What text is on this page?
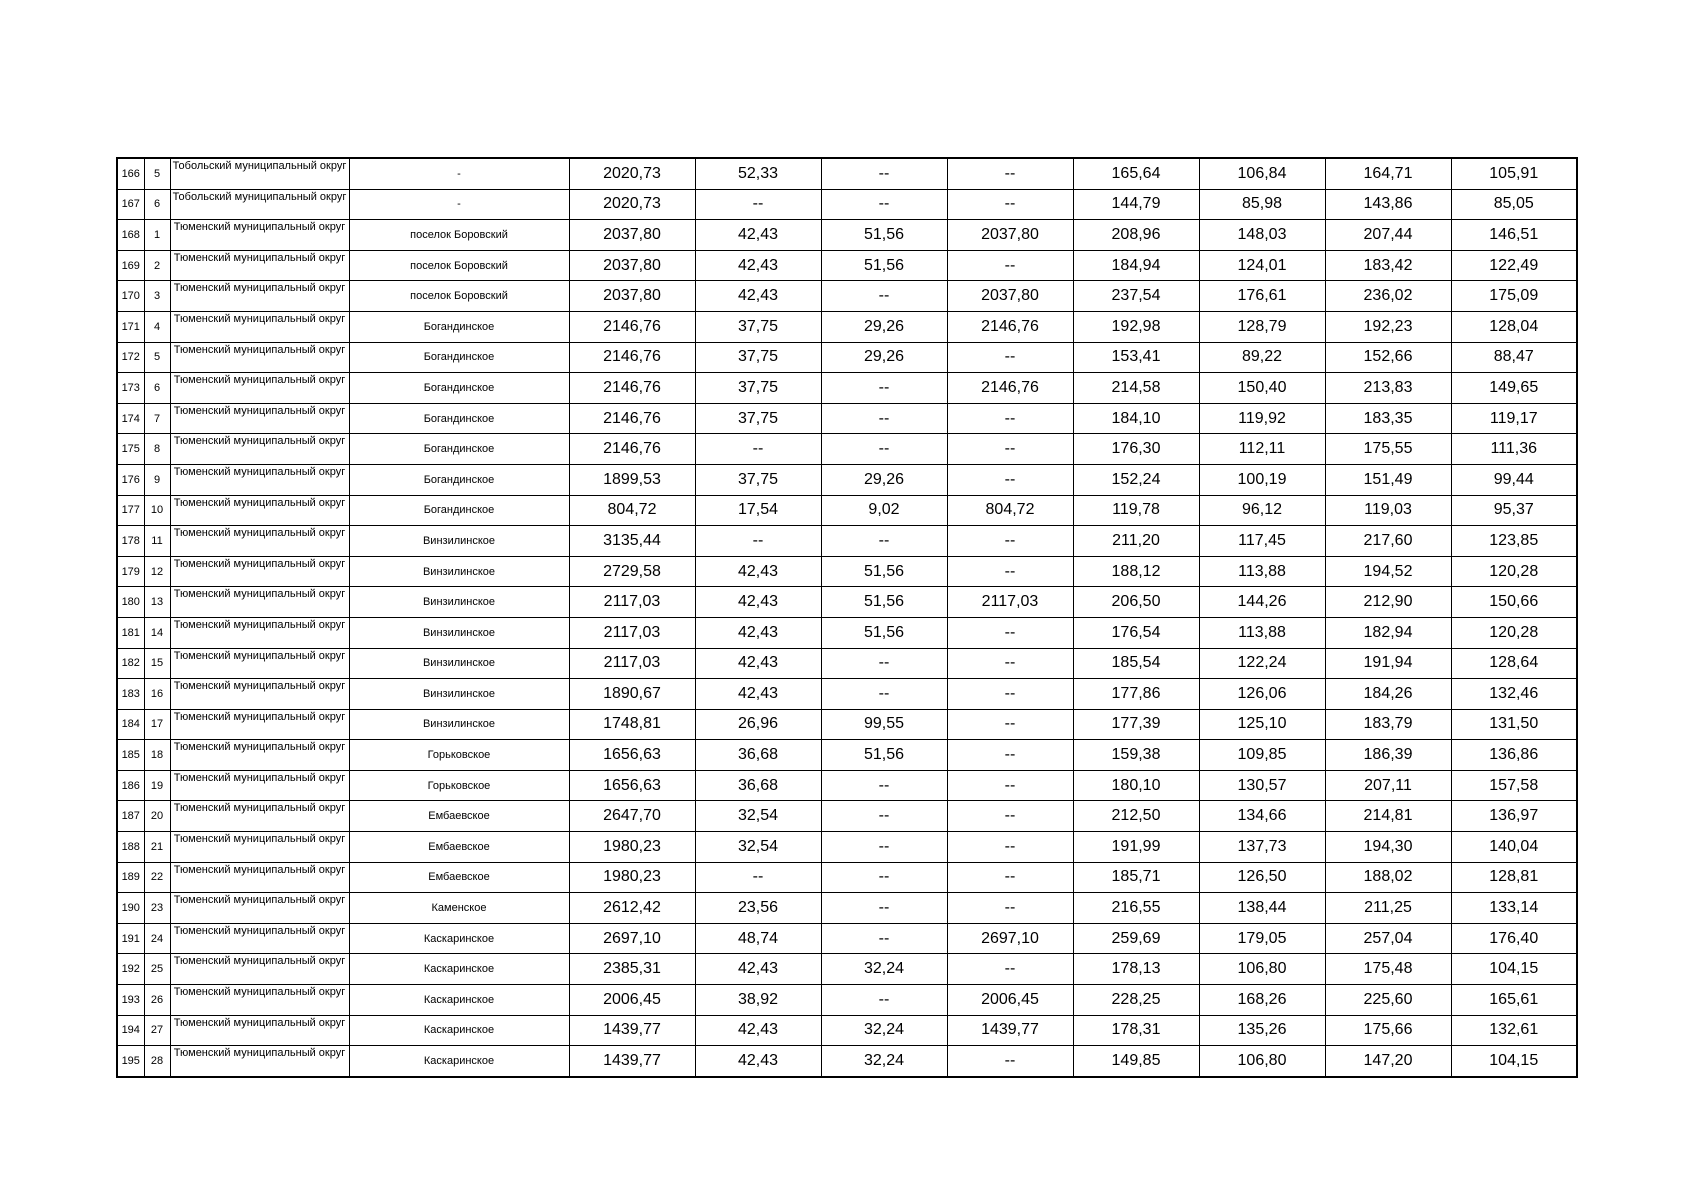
166	5	Тобольский муниципальный округ	-	2020,73	52,33	--	--	165,64	106,84	164,71	105,91
167	6	Тобольский муниципальный округ	-	2020,73	--	--	--	144,79	85,98	143,86	85,05
168	1	Тюменский муниципальный округ	поселок Боровский	2037,80	42,43	51,56	2037,80	208,96	148,03	207,44	146,51
169	2	Тюменский муниципальный округ	поселок Боровский	2037,80	42,43	51,56	--	184,94	124,01	183,42	122,49
170	3	Тюменский муниципальный округ	поселок Боровский	2037,80	42,43	--	2037,80	237,54	176,61	236,02	175,09
171	4	Тюменский муниципальный округ	Богандинское	2146,76	37,75	29,26	2146,76	192,98	128,79	192,23	128,04
172	5	Тюменский муниципальный округ	Богандинское	2146,76	37,75	29,26	--	153,41	89,22	152,66	88,47
173	6	Тюменский муниципальный округ	Богандинское	2146,76	37,75	--	2146,76	214,58	150,40	213,83	149,65
174	7	Тюменский муниципальный округ	Богандинское	2146,76	37,75	--	--	184,10	119,92	183,35	119,17
175	8	Тюменский муниципальный округ	Богандинское	2146,76	--	--	--	176,30	112,11	175,55	111,36
176	9	Тюменский муниципальный округ	Богандинское	1899,53	37,75	29,26	--	152,24	100,19	151,49	99,44
177	10	Тюменский муниципальный округ	Богандинское	804,72	17,54	9,02	804,72	119,78	96,12	119,03	95,37
178	11	Тюменский муниципальный округ	Винзилинское	3135,44	--	--	--	211,20	117,45	217,60	123,85
179	12	Тюменский муниципальный округ	Винзилинское	2729,58	42,43	51,56	--	188,12	113,88	194,52	120,28
180	13	Тюменский муниципальный округ	Винзилинское	2117,03	42,43	51,56	2117,03	206,50	144,26	212,90	150,66
181	14	Тюменский муниципальный округ	Винзилинское	2117,03	42,43	51,56	--	176,54	113,88	182,94	120,28
182	15	Тюменский муниципальный округ	Винзилинское	2117,03	42,43	--	--	185,54	122,24	191,94	128,64
183	16	Тюменский муниципальный округ	Винзилинское	1890,67	42,43	--	--	177,86	126,06	184,26	132,46
184	17	Тюменский муниципальный округ	Винзилинское	1748,81	26,96	99,55	--	177,39	125,10	183,79	131,50
185	18	Тюменский муниципальный округ	Горьковское	1656,63	36,68	51,56	--	159,38	109,85	186,39	136,86
186	19	Тюменский муниципальный округ	Горьковское	1656,63	36,68	--	--	180,10	130,57	207,11	157,58
187	20	Тюменский муниципальный округ	Ембаевское	2647,70	32,54	--	--	212,50	134,66	214,81	136,97
188	21	Тюменский муниципальный округ	Ембаевское	1980,23	32,54	--	--	191,99	137,73	194,30	140,04
189	22	Тюменский муниципальный округ	Ембаевское	1980,23	--	--	--	185,71	126,50	188,02	128,81
190	23	Тюменский муниципальный округ	Каменское	2612,42	23,56	--	--	216,55	138,44	211,25	133,14
191	24	Тюменский муниципальный округ	Каскаринское	2697,10	48,74	--	2697,10	259,69	179,05	257,04	176,40
192	25	Тюменский муниципальный округ	Каскаринское	2385,31	42,43	32,24	--	178,13	106,80	175,48	104,15
193	26	Тюменский муниципальный округ	Каскаринское	2006,45	38,92	--	2006,45	228,25	168,26	225,60	165,61
194	27	Тюменский муниципальный округ	Каскаринское	1439,77	42,43	32,24	1439,77	178,31	135,26	175,66	132,61
195	28	Тюменский муниципальный округ	Каскаринское	1439,77	42,43	32,24	--	149,85	106,80	147,20	104,15
